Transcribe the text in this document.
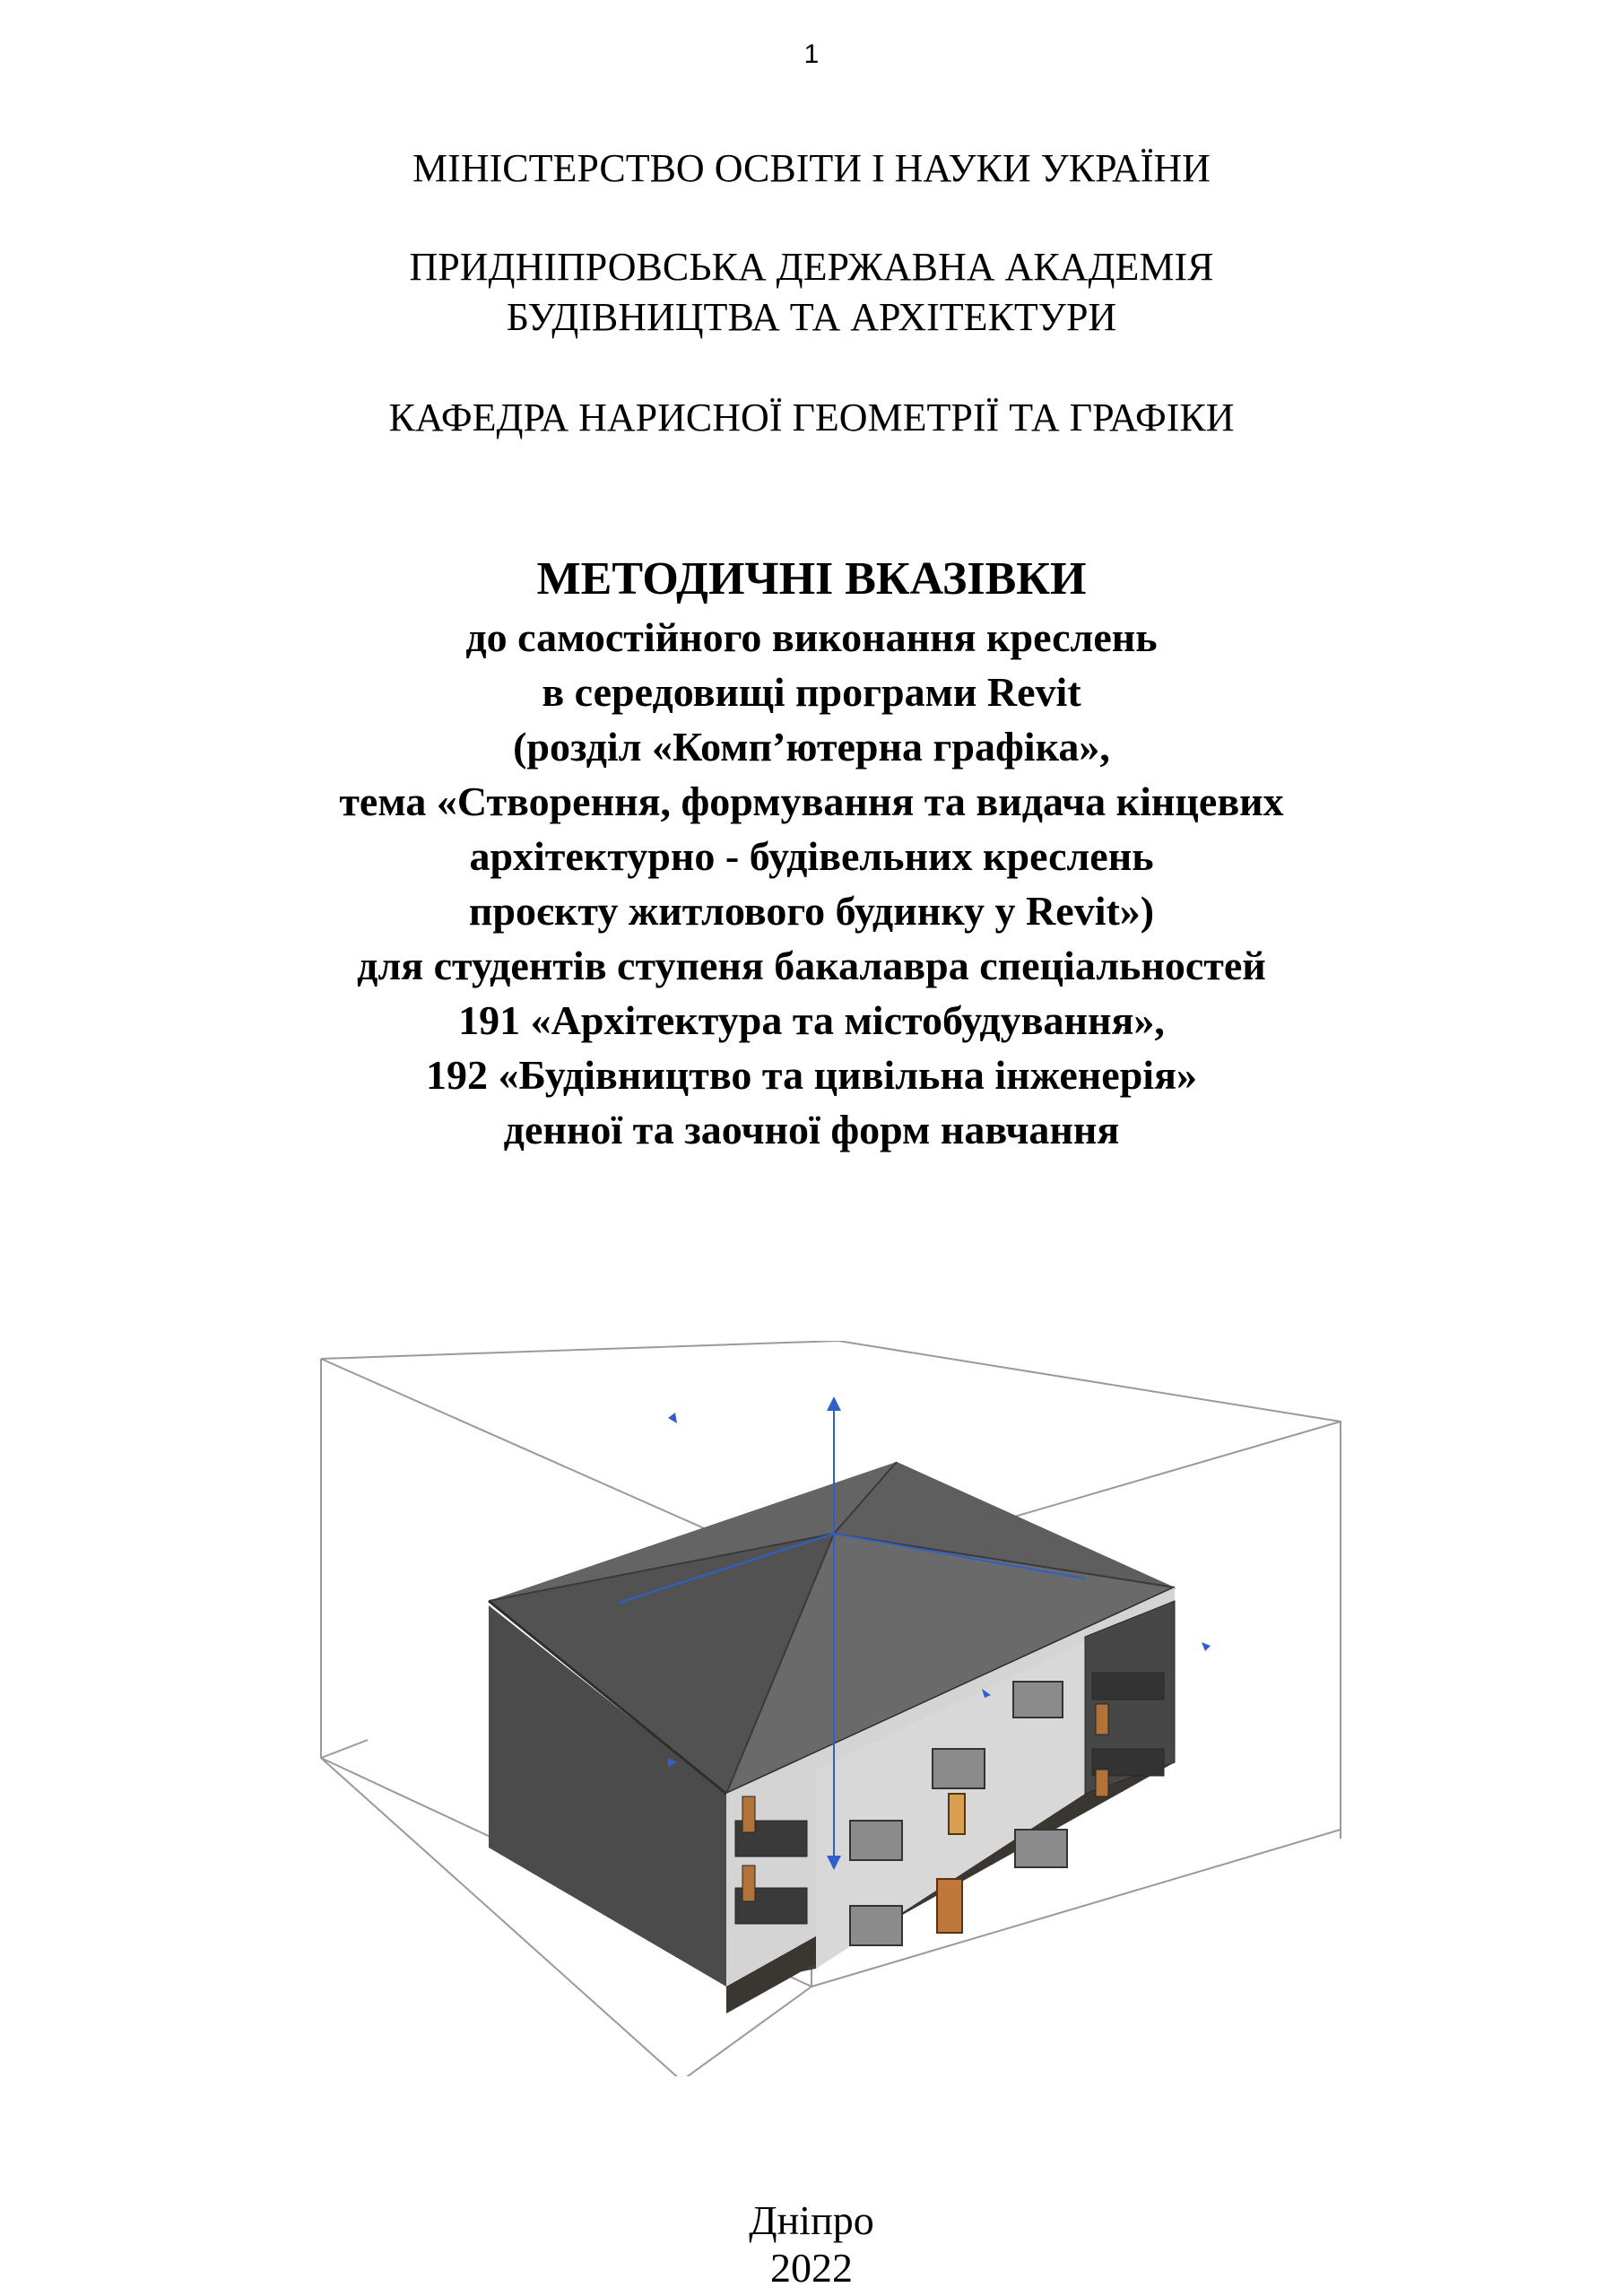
1
МІНІСТЕРСТВО ОСВІТИ І НАУКИ УКРАЇНИ
ПРИДНІПРОВСЬКА ДЕРЖАВНА АКАДЕМІЯ
БУДІВНИЦТВА ТА АРХІТЕКТУРИ
КАФЕДРА НАРИСНОЇ ГЕОМЕТРІЇ ТА ГРАФІКИ
МЕТОДИЧНІ ВКАЗІВКИ
до самостійного виконання креслень
в середовищі програми Revit
(розділ «Комп’ютерна графіка»,
тема «Створення, формування та видача кінцевих
архітектурно - будівельних креслень
проєкту житлового будинку у Revit»)
для студентів ступеня бакалавра спеціальностей
191 «Архітектура та містобудування»,
192 «Будівництво та цивільна інженерія»
денної та заочної форм навчання
Дніпро
2022
